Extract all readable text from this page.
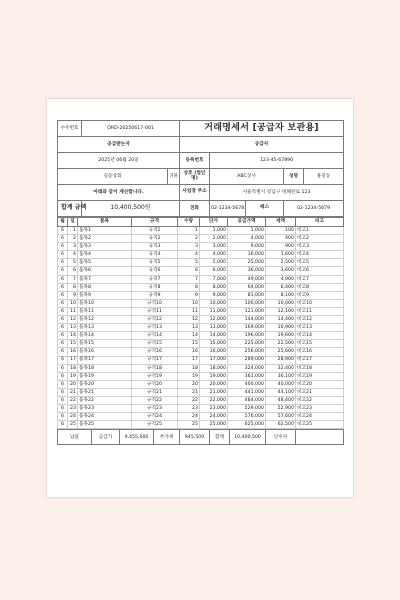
수주번호	ORD-20250617-001		거래명세서 [공급자 보관용]				
공급받는자			공급자				
2025년 06월 20일			등록번호	123-45-67890			
길동상회		귀하	상호 (법인명)	ABC상사		성명	홍길동
아래와 같이 계산합니다.			사업장 주소	서울특별시 강남구 테헤란로 123			
합계 금액	10,400,500원		전화	02-1234-5678	팩스	02-1234-5679	
월	일	품목	규격	수량	단가	공급가액	세액	비고
6	1	품목1	규격1	1	1,000	1,000	100	비고1
6	2	품목2	규격2	2	2,000	4,000	400	비고2
6	3	품목3	규격3	3	3,000	9,000	900	비고3
6	4	품목4	규격4	4	4,000	16,000	1,600	비고4
6	5	품목5	규격5	5	5,000	25,000	2,500	비고5
6	6	품목6	규격6	6	6,000	36,000	3,600	비고6
6	7	품목7	규격7	7	7,000	49,000	4,900	비고7
6	8	품목8	규격8	8	8,000	64,000	6,400	비고8
6	9	품목9	규격9	9	9,000	81,000	8,100	비고9
6	10	품목10	규격10	10	10,000	100,000	10,000	비고10
6	11	품목11	규격11	11	11,000	121,000	12,100	비고11
6	12	품목12	규격12	12	12,000	144,000	14,400	비고12
6	13	품목13	규격13	13	13,000	169,000	16,900	비고13
6	14	품목14	규격14	14	14,000	196,000	19,600	비고14
6	15	품목15	규격15	15	15,000	225,000	22,500	비고15
6	16	품목16	규격16	16	16,000	256,000	25,600	비고16
6	17	품목17	규격17	17	17,000	289,000	28,900	비고17
6	18	품목18	규격18	18	18,000	324,000	32,400	비고18
6	19	품목19	규격19	19	19,000	361,000	36,100	비고19
6	20	품목20	규격20	20	20,000	400,000	40,000	비고20
6	21	품목21	규격21	21	21,000	441,000	44,100	비고21
6	22	품목22	규격22	22	22,000	484,000	48,400	비고22
6	23	품목23	규격23	23	23,000	529,000	52,900	비고23
6	24	품목24	규격24	24	24,000	576,000	57,600	비고24
6	25	품목25	규격25	25	25,000	625,000	62,500	비고25
납품	공급가	9,455,000	부가세	945,500	합계	10,400,500	인수자	
